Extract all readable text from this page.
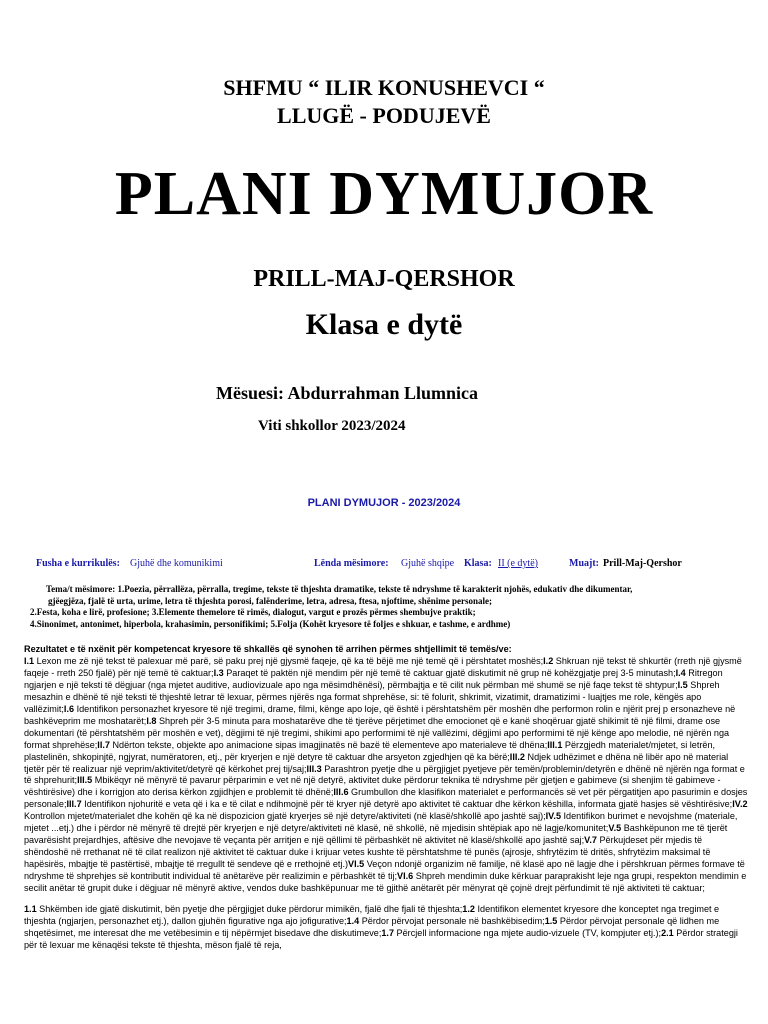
SHFMU “ ILIR KONUSHEVCI “
LLUGË - PODUJEVË
PLANI DYMUJOR
PRILL-MAJ-QERSHOR
Klasa e dytë
Mësuesi: Abdurrahman Llumnica
Viti shkollor 2023/2024
PLANI DYMUJOR - 2023/2024
Fusha e kurrikulës: Gjuhë dhe komunikimi	Lënda mësimore: Gjuhë shqipe Klasa: II (e dytë)	Muajt: Prill-Maj-Qershor
Tema/t mësimore: 1.Poezia, përrallëza, përralla, tregime, tekste të thjeshta dramatike, tekste të ndryshme të karakterit njohës, edukativ dhe dikumentar,
gjëegjëza, fjalë të urta, urime, letra të thjeshta porosi, falënderime, letra, adresa, ftesa, njoftime, shënime personale;
2.Festa, koha e lirë, profesione; 3.Elemente themelore të rimës, dialogut, vargut e prozës përmes shembujve praktik;
4.Sinonimet, antonimet, hiperbola, krahasimin, personifikimi; 5.Folja (Kohët kryesore të foljes e shkuar, e tashme, e ardhme)

Rezultatet e të nxënit për kompetencat kryesore të shkallës që synohen të arrihen përmes shtjellimit të temës/ve:

I.1 Lexon me zë një tekst të palexuar më parë, së paku prej një gjysmë faqeje, që ka të bëjë me një temë që i përshtatet moshës;I.2 Shkruan një tekst të shkurtër (rreth një gjysmë faqeje - rreth 250 fjalë) për një temë të caktuar;I.3 Paraqet të paktën një mendim për një temë të caktuar gjatë diskutimit në grup në kohëzgjatje prej 3-5 minutash;I.4 Ritregon ngjarjen e një teksti të dëgjuar (nga mjetet auditive, audiovizuale apo nga mësimdhënësi), përmbajtja e të cilit nuk përmban më shumë se një faqe tekst të shtypur;I.5 Shpreh mesazhin e dhënë të një teksti të thjeshtë letrar të lexuar, përmes njërës nga format shprehëse, si: të folurit, shkrimit, vizatimit, dramatizimi - luajtjes me role, këngës apo vallëzimit;I.6 Identifikon personazhet kryesore të një tregimi, drame, filmi, kënge apo loje, që është i përshtatshëm për moshën dhe performon rolin e njërit prej p ersonazheve në bashkëveprim me moshatarët;I.8 Shpreh për 3-5 minuta para moshatarëve dhe të tjerëve përjetimet dhe emocionet që e kanë shoqëruar gjatë shikimit të një filmi, drame ose dokumentari (të përshtatshëm për moshën e vet), dëgjimi të një tregimi, shikimi apo performimi të një vallëzimi, dëgjimi apo performimi të një kënge apo melodie, në njërën nga format shprehëse;II.7 Ndërton tekste, objekte apo animacione sipas imagjinatës në bazë të elementeve apo materialeve të dhëna;III.1 Përzgjedh materialet/mjetet, si letrën, plastelinën, shkopinjtë, ngjyrat, numëratoren, etj., për kryerjen e një detyre të caktuar dhe arsyeton zgjedhjen që ka bërë;III.2 Ndjek udhëzimet e dhëna në libër apo në material tjetër për të realizuar një veprim/aktivitet/detyrë që kërkohet prej tij/saj;III.3 Parashtron pyetje dhe u përgjigjet pyetjeve për temën/problemin/detyrën e dhënë në njërën nga format e të shprehurit;III.5 Mbikëqyr në mënyrë të pavarur përparimin e vet në një detyrë, aktivitet duke përdorur teknika të ndryshme për gjetjen e gabimeve (si shenjim të gabimeve - vështirësive) dhe i korrigjon ato derisa kërkon zgjidhjen e problemit të dhënë;III.6 Grumbullon dhe klasifikon materialet e performancës së vet për përgatitjen apo pasurimin e dosjes personale;III.7 Identifikon njohuritë e veta që i ka e të cilat e ndihmojnë për të kryer një detyrë apo aktivitet të caktuar dhe kërkon këshilla, informata gjatë hasjes së vështirësive;IV.2 Kontrollon mjetet/materialet dhe kohën që ka në dispozicion gjatë kryerjes së një detyre/aktiviteti (në klasë/shkollë apo jashtë saj);IV.5 Identifikon burimet e nevojshme (materiale, mjetet ...etj.) dhe i përdor në mënyrë të drejtë për kryerjen e një detyre/aktiviteti në klasë, në shkollë, në mjedisin shtëpiak apo në lagje/komunitet;V.5 Bashkëpunon me të tjerët pavarësisht prejardhjes, aftësive dhe nevojave të veçanta për arritjen e një qëllimi të përbashkët në aktivitet në klasë/shkollë apo jashtë saj;V.7 Përkujdeset për mjedis të shëndoshë në rrethanat në të cilat realizon një aktivitet të caktuar duke i krijuar vetes kushte të përshtatshme të punës (ajrosje, shfrytëzim të dritës, shfrytëzim maksimal të hapësirës, mbajtje të pastërtisë, mbajtje të rregullt të sendeve që e rrethojnë etj.)VI.5 Veçon ndonjë organizim në familje, në klasë apo në lagje dhe i përshkruan përmes formave të ndryshme të shprehjes së kontributit individual të anëtarëve për realizimin e përbashkët të tij;VI.6 Shpreh mendimin duke kërkuar paraprakisht leje nga grupi, respekton mendimin e secilit anëtar të grupit duke i dëgjuar në mënyrë aktive, vendos duke bashkëpunuar me të gjithë anëtarët për mënyrat që çojnë drejt përfundimit të një aktiviteti të caktuar;

1.1 Shkëmben ide gjatë diskutimit, bën pyetje dhe përgjigjet duke përdorur mimikën, fjalë dhe fjali të thjeshta;1.2 Identifikon elementet kryesore dhe konceptet nga tregimet e thjeshta (ngjarjen, personazhet etj.), dallon gjuhën figurative nga ajo jofigurative;1.4 Përdor përvojat personale në bashkëbisedim;1.5 Përdor përvojat personale që lidhen me shqetësimet, me interesat dhe me vetëbesimin e tij nëpërmjet bisedave dhe diskutimeve;1.7 Përcjell informacione nga mjete audio-vizuele (TV, kompjuter etj.);2.1 Përdor strategji për të lexuar me kënaqësi tekste të thjeshta, mëson fjalë të reja,
